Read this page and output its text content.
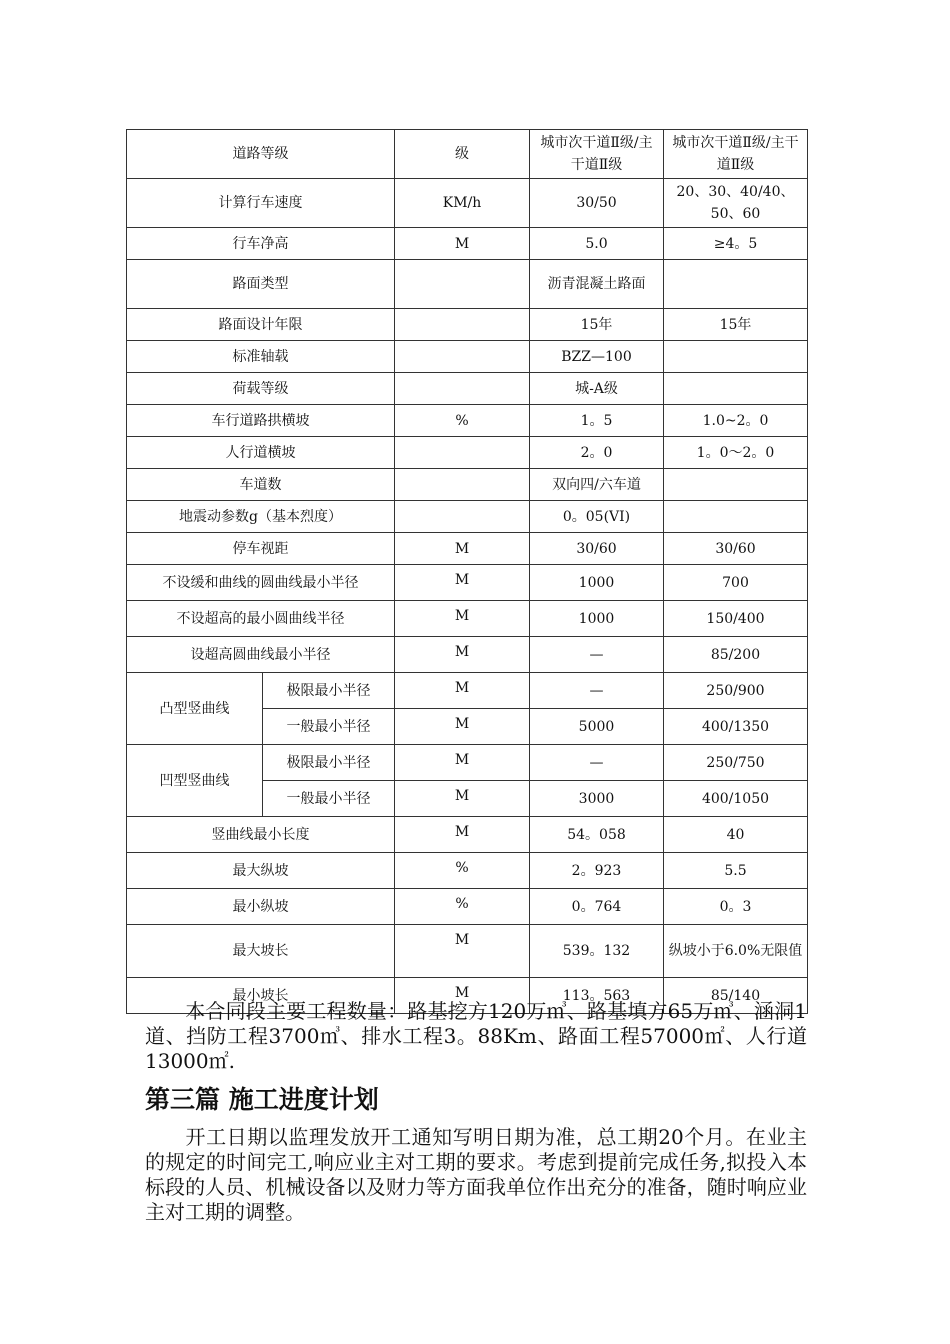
道路等级		级	城市次干道Ⅱ级/主干道Ⅱ级	城市次干道Ⅱ级/主干道Ⅱ级
计算行车速度		KM/h	30/50	20、30、40/40、50、60
行车净高		M	5.0	≥4。5
路面类型			沥青混凝土路面	
路面设计年限			15年	15年
标准轴载			BZZ—100	
荷载等级			城-A级	
车行道路拱横坡		%	1。5	1.0~2。0
人行道横坡			2。0	1。0～2。0
车道数			双向四/六车道	
地震动参数g（基本烈度）			0。05(VI)	
停车视距		M	30/60	30/60
不设缓和曲线的圆曲线最小半径		M	1000	700
不设超高的最小圆曲线半径		M	1000	150/400
设超高圆曲线最小半径		M	—	85/200
凸型竖曲线	极限最小半径	M	—	250/900
	一般最小半径	M	5000	400/1350
凹型竖曲线	极限最小半径	M	—	250/750
	一般最小半径	M	3000	400/1050
竖曲线最小长度		M	54。058	40
最大纵坡		%	2。923	5.5
最小纵坡		%	0。764	0。3
最大坡长		M	539。132	纵坡小于6.0%无限值
最小坡长		M	113。563	85/140

本合同段主要工程数量：路基挖方120万㎥、路基填方65万㎥、涵洞1道、挡防工程3700㎥、排水工程3。88Km、路面工程57000㎡、人行道13000㎡.

第三篇 施工进度计划

开工日期以监理发放开工通知写明日期为准，总工期20个月。在业主的规定的时间完工,响应业主对工期的要求。考虑到提前完成任务,拟投入本标段的人员、机械设备以及财力等方面我单位作出充分的准备，随时响应业主对工期的调整。
